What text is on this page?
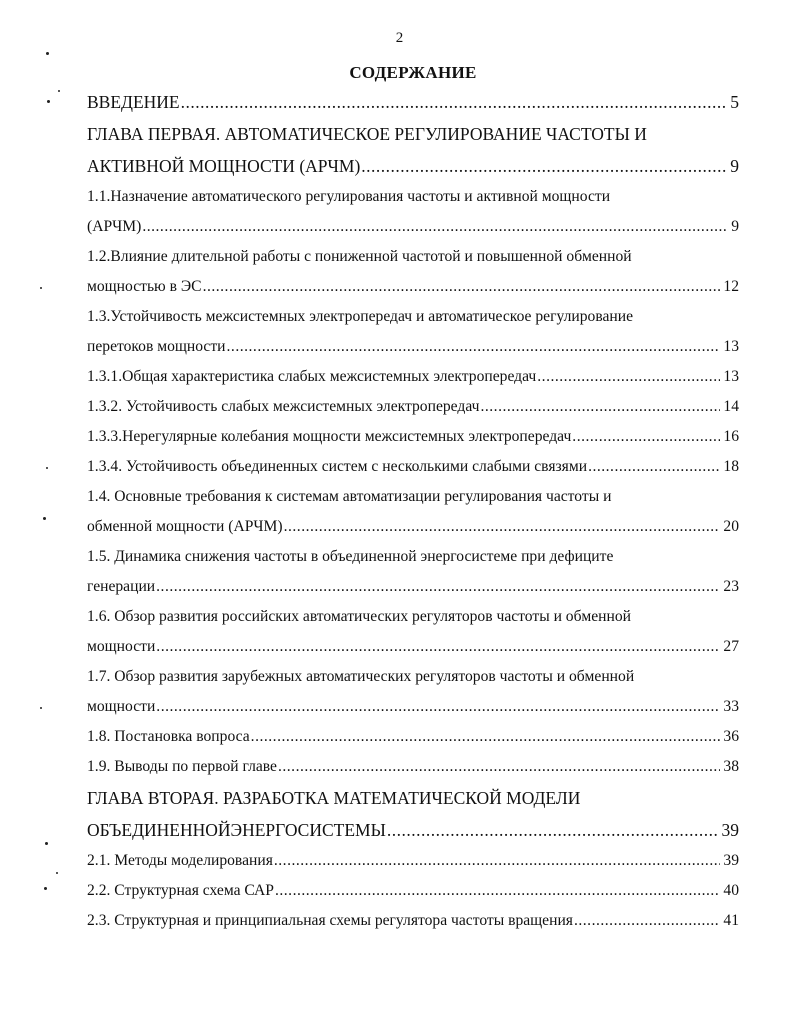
2
СОДЕРЖАНИЕ
ВВЕДЕНИЕ .....	5
ГЛАВА ПЕРВАЯ. АВТОМАТИЧЕСКОЕ РЕГУЛИРОВАНИЕ ЧАСТОТЫ И
АКТИВНОЙ МОЩНОСТИ (АРЧМ) .....	9
1.1.Назначение автоматического регулирования частоты и активной мощности
(АРЧМ) .....	9
1.2.Влияние длительной работы с пониженной частотой и повышенной обменной
мощностью в ЭС .....	12
1.3.Устойчивость межсистемных электропередач и автоматическое регулирование
перетоков мощности .....	13
1.3.1.Общая характеристика слабых межсистемных электропередач .....	13
1.3.2. Устойчивость слабых межсистемных электропередач .....	14
1.3.3.Нерегулярные колебания мощности межсистемных электропередач .....	16
1.3.4. Устойчивость объединенных систем с несколькими слабыми связями .....	18
1.4. Основные требования к системам автоматизации регулирования частоты и
обменной мощности (АРЧМ) .....	20
1.5. Динамика снижения частоты в объединенной энергосистеме при дефиците
генерации .....	23
1.6. Обзор развития российских автоматических регуляторов частоты и обменной
мощности .....	27
1.7. Обзор развития зарубежных автоматических регуляторов частоты и обменной
мощности .....	33
1.8. Постановка вопроса .....	36
1.9. Выводы по первой главе .....	38
ГЛАВА ВТОРАЯ. РАЗРАБОТКА МАТЕМАТИЧЕСКОЙ МОДЕЛИ
ОБЪЕДИНЕННОЙЭНЕРГОСИСТЕМЫ .....	39
2.1. Методы моделирования .....	39
2.2. Структурная схема САР .....	40
2.3. Структурная и принципиальная схемы регулятора частоты вращения .....	41
